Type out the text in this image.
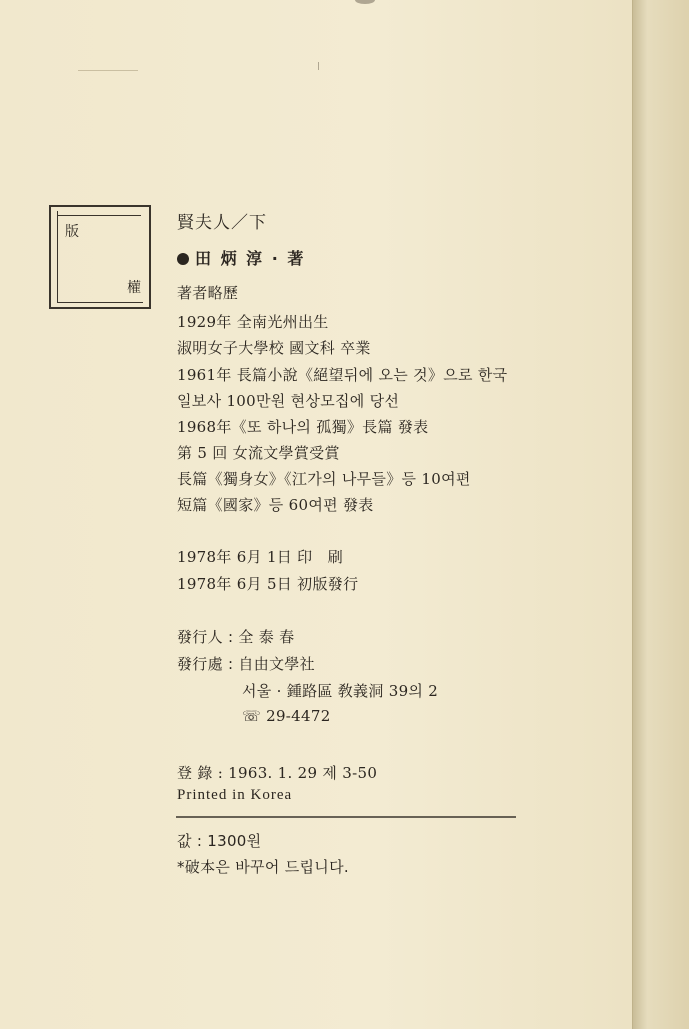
版
權
賢夫人／下
田 炳 淳 · 著
著者略歷
1929年 全南光州出生
淑明女子大學校 國文科 卒業
1961年 長篇小說《絕望뒤에 오는 것》으로 한국
일보사 100만원 현상모집에 당선
1968年《또 하나의 孤獨》長篇 發表
第 5 回 女流文學賞受賞
長篇《獨身女》《江가의 나무들》등 10여편
短篇《國家》등 60여편 發表
1978年 6月 1日 印　刷
1978年 6月 5日 初版發行
發行人 : 全 泰 春
發行處 : 自由文學社
서울 · 鍾路區 敎義洞 39의 2
☏ 29-4472
登 錄 : 1963. 1. 29 제 3-50
Printed in Korea
값 : 1300원
*破本은 바꾸어 드립니다.
